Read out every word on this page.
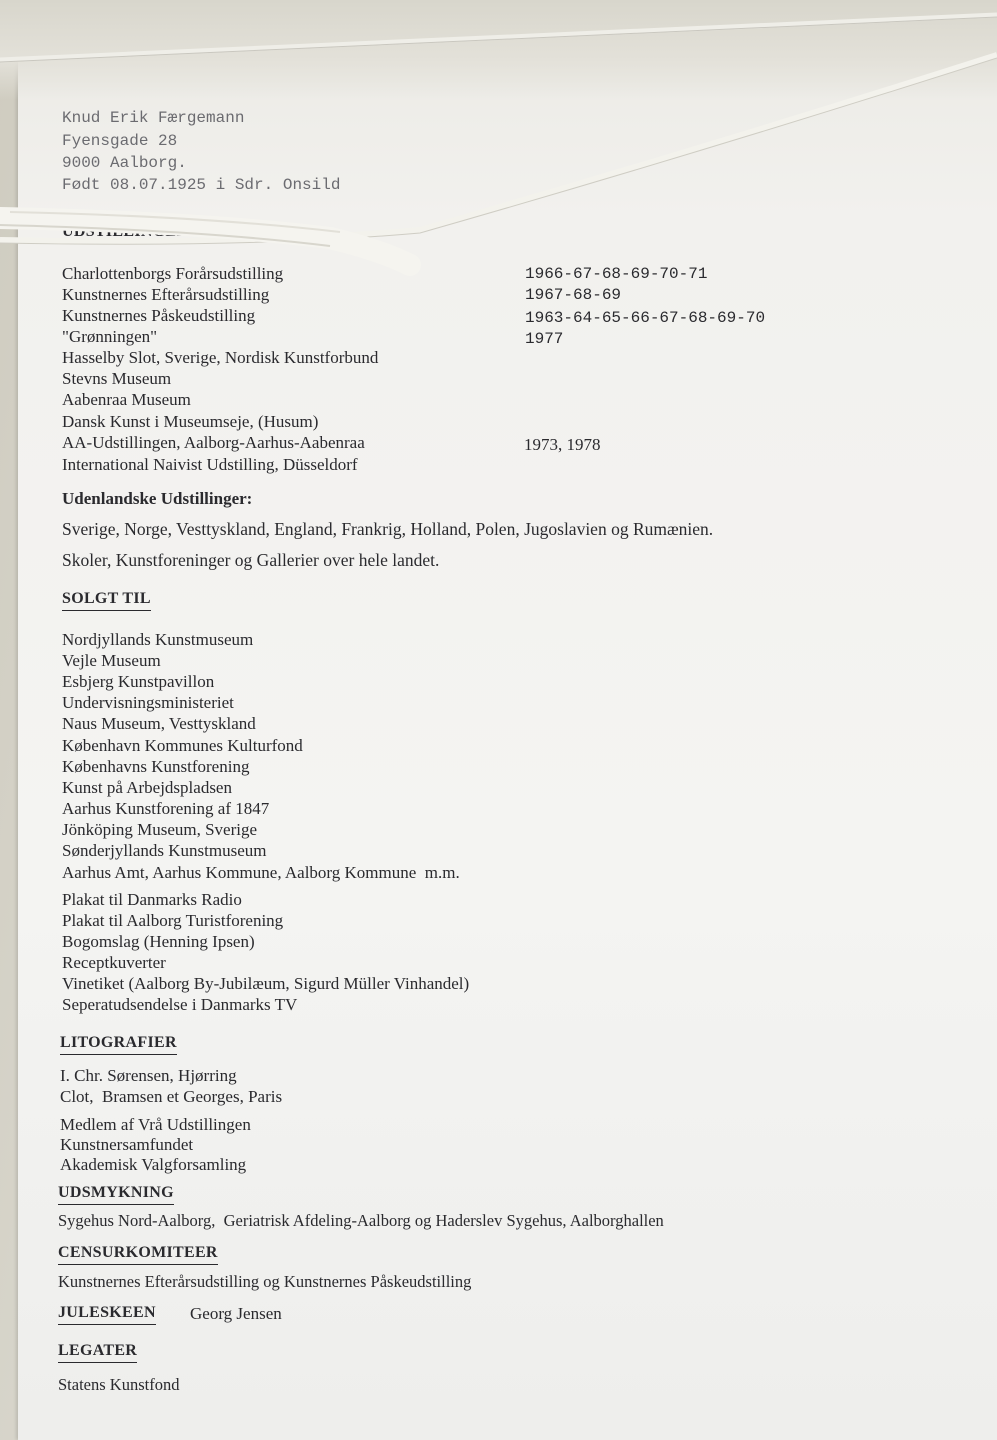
Knud Erik Færgemann
Fyensgade 28
9000 Aalborg.
Født 08.07.1925 i Sdr. Onsild
UDSTILLINGER
Charlottenborgs Forårsudstilling	1966-67-68-69-70-71
Kunstnernes Efterårsudstilling	1967-68-69
Kunstnernes Påskeudstilling	1963-64-65-66-67-68-69-70
"Grønningen"	1977
Hasselby Slot, Sverige, Nordisk Kunstforbund
Stevns Museum
Aabenraa Museum
Dansk Kunst i Museumseje, (Husum)
AA-Udstillingen, Aalborg-Aarhus-Aabenraa	1973, 1978
International Naivist Udstilling, Düsseldorf
Udenlandske Udstillinger:
Sverige, Norge, Vesttyskland, England, Frankrig, Holland, Polen, Jugoslavien og Rumænien.
Skoler, Kunstforeninger og Gallerier over hele landet.
SOLGT TIL
Nordjyllands Kunstmuseum
Vejle Museum
Esbjerg Kunstpavillon
Undervisningsministeriet
Naus Museum, Vesttyskland
København Kommunes Kulturfond
Københavns Kunstforening
Kunst på Arbejdspladsen
Aarhus Kunstforening af 1847
Jönköping Museum, Sverige
Sønderjyllands Kunstmuseum
Aarhus Amt, Aarhus Kommune, Aalborg Kommune  m.m.
Plakat til Danmarks Radio
Plakat til Aalborg Turistforening
Bogomslag (Henning Ipsen)
Receptkuverter
Vinetiket (Aalborg By-Jubilæum, Sigurd Müller Vinhandel)
Seperatudsendelse i Danmarks TV
LITOGRAFIER
I. Chr. Sørensen, Hjørring
Clot,  Bramsen et Georges, Paris
Medlem af Vrå Udstillingen
Kunstnersamfundet
Akademisk Valgforsamling
UDSMYKNING
Sygehus Nord-Aalborg,  Geriatrisk Afdeling-Aalborg og Haderslev Sygehus, Aalborghallen
CENSURKOMITEER
Kunstnernes Efterårsudstilling og Kunstnernes Påskeudstilling
JULESKEEN Georg Jensen
LEGATER
Statens Kunstfond
